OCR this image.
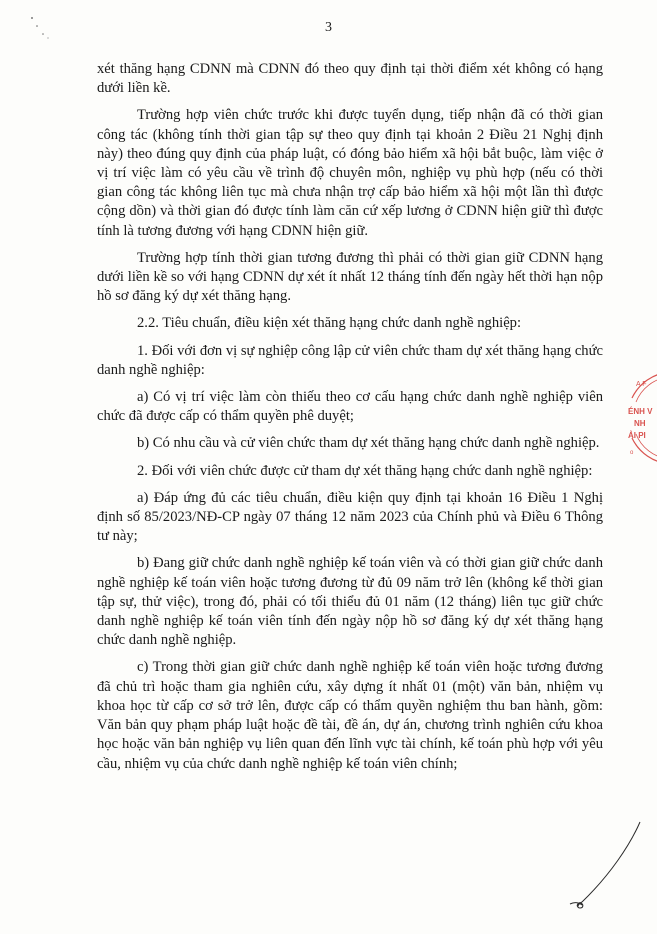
3

xét thăng hạng CDNN mà CDNN đó theo quy định tại thời điểm xét không có hạng dưới liền kề.

Trường hợp viên chức trước khi được tuyển dụng, tiếp nhận đã có thời gian công tác (không tính thời gian tập sự theo quy định tại khoản 2 Điều 21 Nghị định này) theo đúng quy định của pháp luật, có đóng bảo hiểm xã hội bắt buộc, làm việc ở vị trí việc làm có yêu cầu về trình độ chuyên môn, nghiệp vụ phù hợp (nếu có thời gian công tác không liên tục mà chưa nhận trợ cấp bảo hiểm xã hội một lần thì được cộng dồn) và thời gian đó được tính làm căn cứ xếp lương ở CDNN hiện giữ thì được tính là tương đương với hạng CDNN hiện giữ.

Trường hợp tính thời gian tương đương thì phải có thời gian giữ CDNN hạng dưới liền kề so với hạng CDNN dự xét ít nhất 12 tháng tính đến ngày hết thời hạn nộp hồ sơ đăng ký dự xét thăng hạng.

2.2. Tiêu chuẩn, điều kiện xét thăng hạng chức danh nghề nghiệp:

1. Đối với đơn vị sự nghiệp công lập cử viên chức tham dự xét thăng hạng chức danh nghề nghiệp:

a) Có vị trí việc làm còn thiếu theo cơ cấu hạng chức danh nghề nghiệp viên chức đã được cấp có thẩm quyền phê duyệt;

b) Có nhu cầu và cử viên chức tham dự xét thăng hạng chức danh nghề nghiệp.

2. Đối với viên chức được cử tham dự xét thăng hạng chức danh nghề nghiệp:

a) Đáp ứng đủ các tiêu chuẩn, điều kiện quy định tại khoản 16 Điều 1 Nghị định số 85/2023/NĐ-CP ngày 07 tháng 12 năm 2023 của Chính phủ và Điều 6 Thông tư này;

b) Đang giữ chức danh nghề nghiệp kế toán viên và có thời gian giữ chức danh nghề nghiệp kế toán viên hoặc tương đương từ đủ 09 năm trở lên (không kể thời gian tập sự, thử việc), trong đó, phải có tối thiểu đủ 01 năm (12 tháng) liên tục giữ chức danh nghề nghiệp kế toán viên tính đến ngày nộp hồ sơ đăng ký dự xét thăng hạng chức danh nghề nghiệp.

c) Trong thời gian giữ chức danh nghề nghiệp kế toán viên hoặc tương đương đã chủ trì hoặc tham gia nghiên cứu, xây dựng ít nhất 01 (một) văn bản, nhiệm vụ khoa học từ cấp cơ sở trở lên, được cấp có thẩm quyền nghiệm thu ban hành, gồm: Văn bản quy phạm pháp luật hoặc đề tài, đề án, dự án, chương trình nghiên cứu khoa học hoặc văn bản nghiệp vụ liên quan đến lĩnh vực tài chính, kế toán phù hợp với yêu cầu, nhiệm vụ của chức danh nghề nghiệp kế toán viên chính;

A F
ÉNH V
NH
ẢI PI
o
